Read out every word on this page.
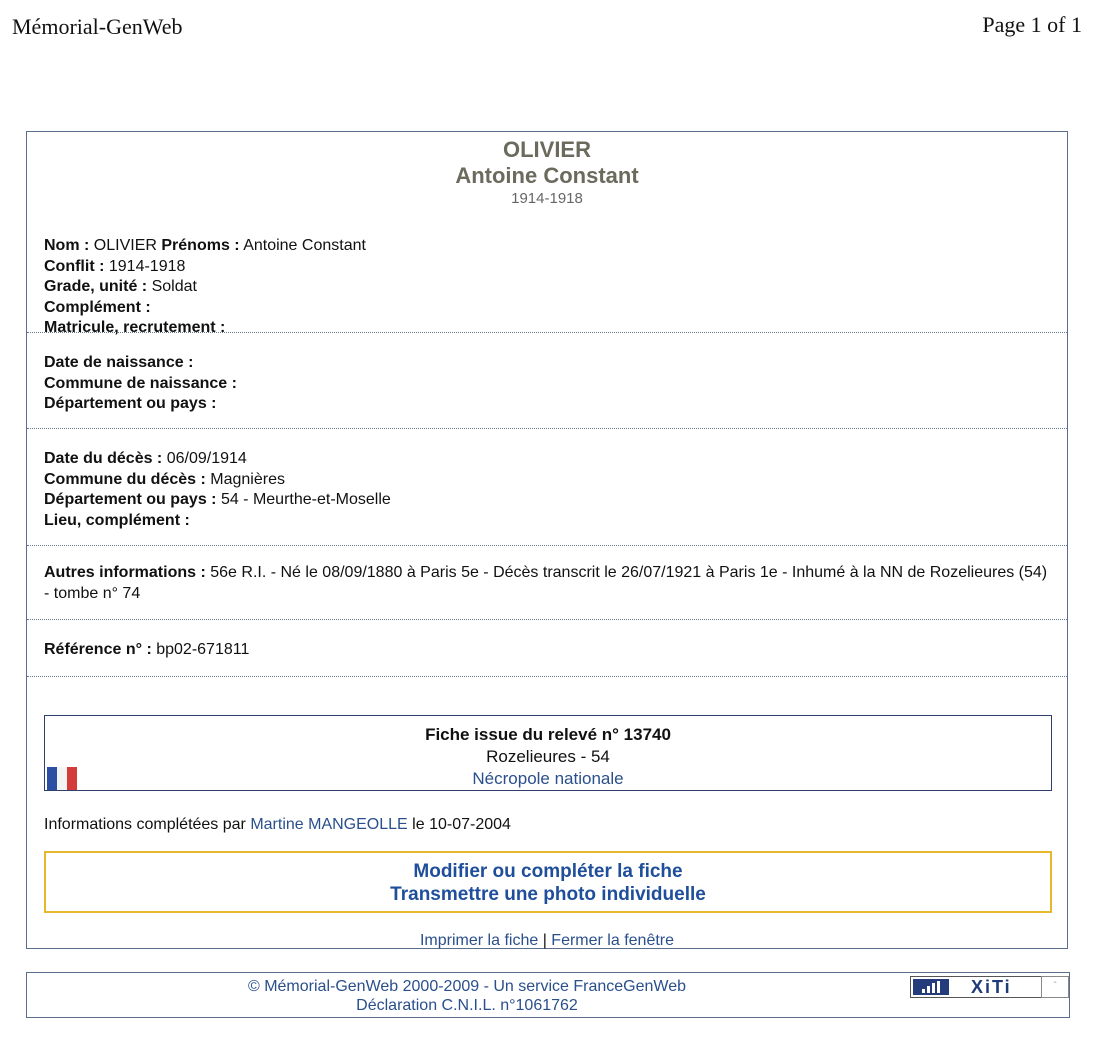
Mémorial-GenWeb	Page 1 of 1
OLIVIER
Antoine Constant
1914-1918
Nom : OLIVIER Prénoms : Antoine Constant
Conflit : 1914-1918
Grade, unité : Soldat
Complément :
Matricule, recrutement :
Date de naissance :
Commune de naissance :
Département ou pays :
Date du décès : 06/09/1914
Commune du décès : Magnières
Département ou pays : 54 - Meurthe-et-Moselle
Lieu, complément :
Autres informations : 56e R.I. - Né le 08/09/1880 à Paris 5e - Décès transcrit le 26/07/1921 à Paris 1e - Inhumé à la NN de Rozelieures (54) - tombe n° 74
Référence n° : bp02-671811
Fiche issue du relevé n° 13740
Rozelieures - 54
Nécropole nationale
Informations complétées par Martine MANGEOLLE le 10-07-2004
Modifier ou compléter la fiche
Transmettre une photo individuelle
Imprimer la fiche | Fermer la fenêtre
© Mémorial-GenWeb 2000-2009 - Un service FranceGenWeb
Déclaration C.N.I.L. n°1061762
XiTi	-
